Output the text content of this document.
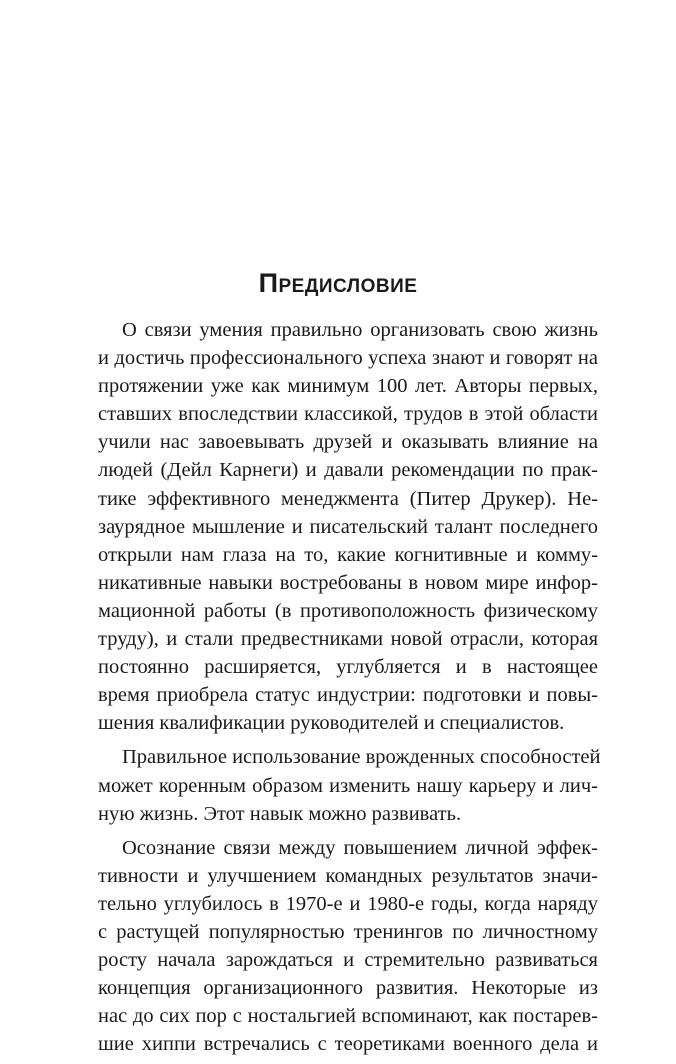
Предисловие
О связи умения правильно организовать свою жизнь
и достичь профессионального успеха знают и говорят на
протяжении уже как минимум 100 лет. Авторы первых,
ставших впоследствии классикой, трудов в этой области
учили нас завоевывать друзей и оказывать влияние на
людей (Дейл Карнеги) и давали рекомендации по прак-
тике эффективного менеджмента (Питер Друкер). Не-
заурядное мышление и писательский талант последнего
открыли нам глаза на то, какие когнитивные и комму-
никативные навыки востребованы в новом мире инфор-
мационной работы (в противоположность физическому
труду), и стали предвестниками новой отрасли, которая
постоянно расширяется, углубляется и в настоящее
время приобрела статус индустрии: подготовки и повы-
шения квалификации руководителей и специалистов.
Правильное использование врожденных способностей
может коренным образом изменить нашу карьеру и лич-
ную жизнь. Этот навык можно развивать.
Осознание связи между повышением личной эффек-
тивности и улучшением командных результатов значи-
тельно углубилось в 1970-е и 1980-е годы, когда наряду
с растущей популярностью тренингов по личностному
росту начала зарождаться и стремительно развиваться
концепция организационного развития. Некоторые из
нас до сих пор с ностальгией вспоминают, как постарев-
шие хиппи встречались с теоретиками военного дела и
